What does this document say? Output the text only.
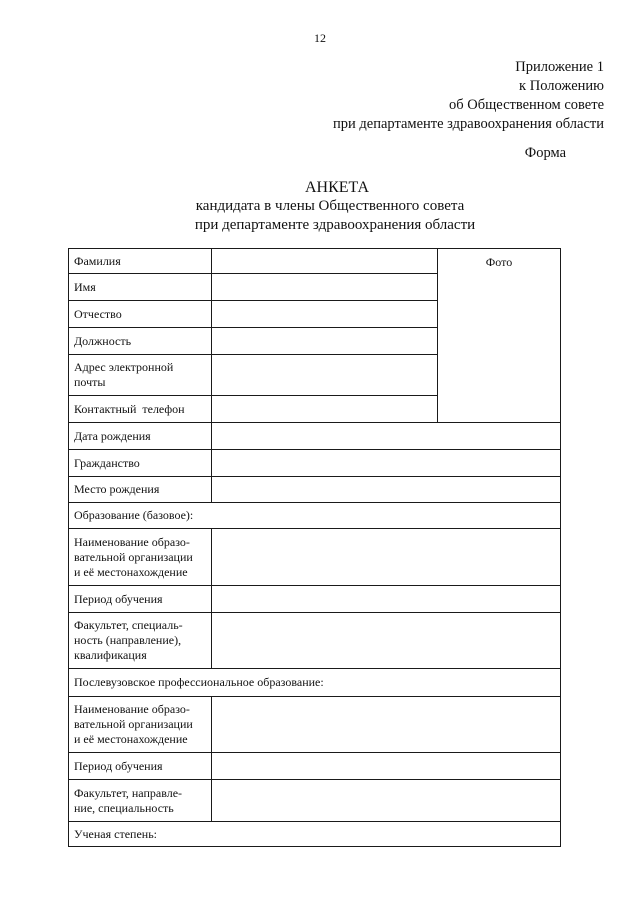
12
Приложение 1
к Положению
об Общественном совете
при департаменте здравоохранения области
Форма
АНКЕТА
кандидата в члены Общественного совета
при департаменте здравоохранения области
Фамилия		Фото
Имя		
Отчество		
Должность		

Адрес электронной
почты		

Контактный  телефон		
Дата рождения		
Гражданство		
Место рождения		
Образование (базовое):		

Наименование образо-
вательной организации
и её местонахождение		

Период обучения		

Факультет, специаль-
ность (направление),
квалификация		

Послевузовское профессиональное образование:		

Наименование образо-
вательной организации
и её местонахождение		

Период обучения		

Факультет, направле-
ние, специальность		

Ученая степень:		
